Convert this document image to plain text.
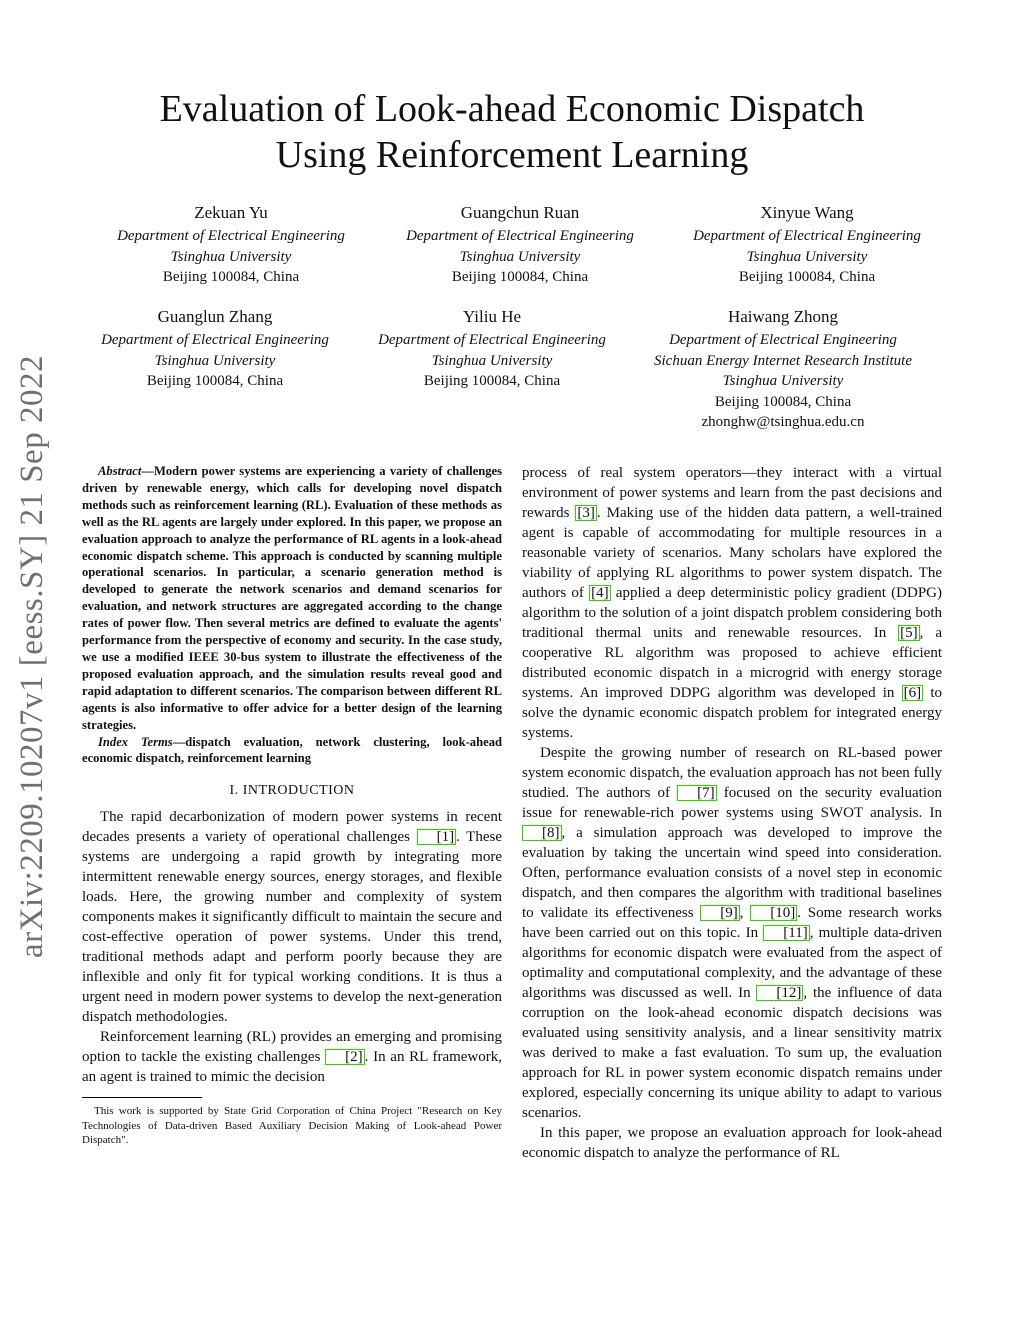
Evaluation of Look-ahead Economic Dispatch
Using Reinforcement Learning
arXiv:2209.10207v1 [eess.SY] 21 Sep 2022
Zekuan Yu
Department of Electrical Engineering
Tsinghua University
Beijing 100084, China
Guangchun Ruan
Department of Electrical Engineering
Tsinghua University
Beijing 100084, China
Xinyue Wang
Department of Electrical Engineering
Tsinghua University
Beijing 100084, China
Guanglun Zhang
Department of Electrical Engineering
Tsinghua University
Beijing 100084, China
Yiliu He
Department of Electrical Engineering
Tsinghua University
Beijing 100084, China
Haiwang Zhong
Department of Electrical Engineering
Sichuan Energy Internet Research Institute
Tsinghua University
Beijing 100084, China
zhonghw@tsinghua.edu.cn

Abstract—Modern power systems are experiencing a variety of challenges driven by renewable energy, which calls for developing novel dispatch methods such as reinforcement learning (RL). Evaluation of these methods as well as the RL agents are largely under explored. In this paper, we propose an evaluation approach to analyze the performance of RL agents in a look-ahead economic dispatch scheme. This approach is conducted by scanning multiple operational scenarios. In particular, a scenario generation method is developed to generate the network scenarios and demand scenarios for evaluation, and network structures are aggregated according to the change rates of power flow. Then several metrics are defined to evaluate the agents' performance from the perspective of economy and security. In the case study, we use a modified IEEE 30-bus system to illustrate the effectiveness of the proposed evaluation approach, and the simulation results reveal good and rapid adaptation to different scenarios. The comparison between different RL agents is also informative to offer advice for a better design of the learning strategies.

Index Terms—dispatch evaluation, network clustering, look-ahead economic dispatch, reinforcement learning

I. INTRODUCTION

The rapid decarbonization of modern power systems in recent decades presents a variety of operational challenges [1] . These systems are undergoing a rapid growth by integrating more intermittent renewable energy sources, energy storages, and flexible loads. Here, the growing number and complexity of system components makes it significantly difficult to maintain the secure and cost-effective operation of power systems. Under this trend, traditional methods adapt and perform poorly because they are inflexible and only fit for typical working conditions. It is thus a urgent need in modern power systems to develop the next-generation dispatch methodologies.

Reinforcement learning (RL) provides an emerging and promising option to tackle the existing challenges [2] . In an RL framework, an agent is trained to mimic the decision

This work is supported by State Grid Corporation of China Project "Research on Key Technologies of Data-driven Based Auxiliary Decision Making of Look-ahead Power Dispatch".

process of real system operators—they interact with a virtual environment of power systems and learn from the past decisions and rewards [3] . Making use of the hidden data pattern, a well-trained agent is capable of accommodating for multiple resources in a reasonable variety of scenarios. Many scholars have explored the viability of applying RL algorithms to power system dispatch. The authors of [4] applied a deep deterministic policy gradient (DDPG) algorithm to the solution of a joint dispatch problem considering both traditional thermal units and renewable resources. In [5] , a cooperative RL algorithm was proposed to achieve efficient distributed economic dispatch in a microgrid with energy storage systems. An improved DDPG algorithm was developed in [6] to solve the dynamic economic dispatch problem for integrated energy systems.

Despite the growing number of research on RL-based power system economic dispatch, the evaluation approach has not been fully studied. The authors of [7] focused on the security evaluation issue for renewable-rich power systems using SWOT analysis. In [8] , a simulation approach was developed to improve the evaluation by taking the uncertain wind speed into consideration. Often, performance evaluation consists of a novel step in economic dispatch, and then compares the algorithm with traditional baselines to validate its effectiveness [9] , [10] . Some research works have been carried out on this topic. In [11] , multiple data-driven algorithms for economic dispatch were evaluated from the aspect of optimality and computational complexity, and the advantage of these algorithms was discussed as well. In [12] , the influence of data corruption on the look-ahead economic dispatch decisions was evaluated using sensitivity analysis, and a linear sensitivity matrix was derived to make a fast evaluation. To sum up, the evaluation approach for RL in power system economic dispatch remains under explored, especially concerning its unique ability to adapt to various scenarios.

In this paper, we propose an evaluation approach for look-ahead economic dispatch to analyze the performance of RL
